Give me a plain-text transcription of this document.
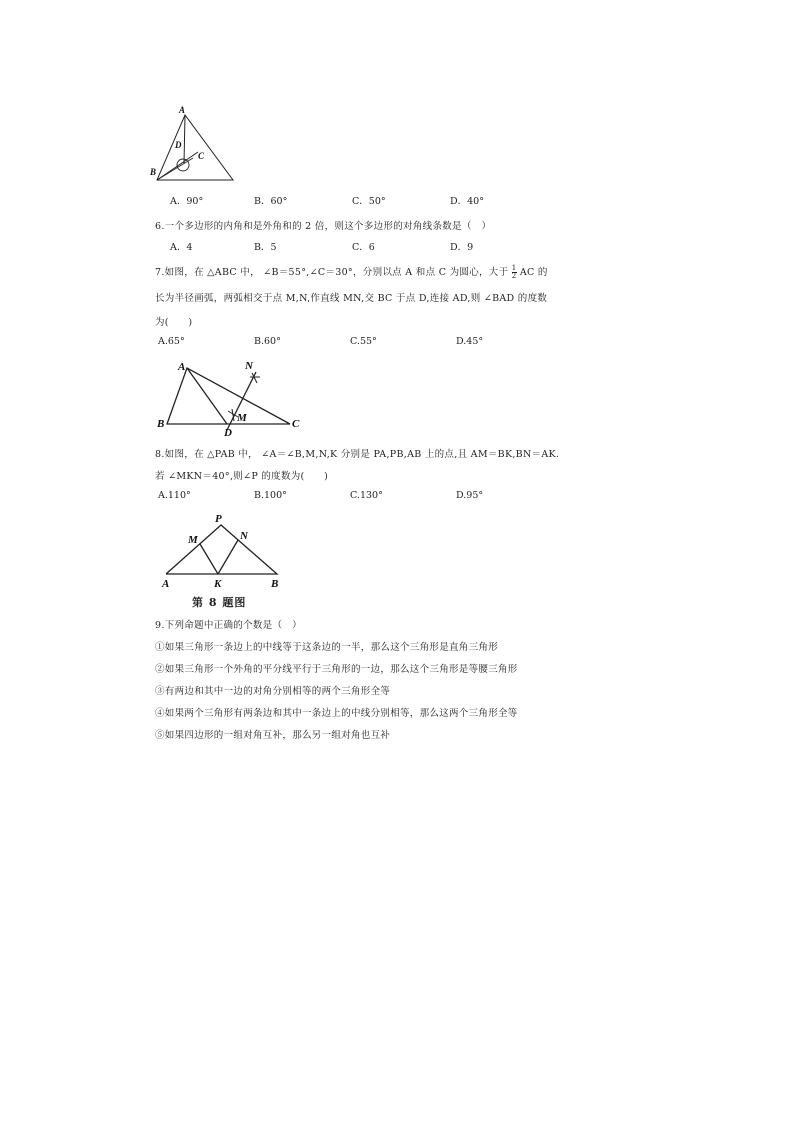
A
D
C
B
A．90°	B．60°	C．50°	D．40°
6.一个多边形的内角和是外角和的 2 倍，则这个多边形的对角线条数是（　）
A．4	B．5	C．6	D．9
7.如图，在 △ABC 中， ∠B＝55°,∠C＝30°，分别以点 A 和点 C 为圆心，大于 $\frac{1}{2}$ AC 的
长为半径画弧，两弧相交于点 M,N,作直线 MN,交 BC 于点 D,连接 AD,则 ∠BAD 的度数
为(　　)
A.65°	B.60°	C.55°	D.45°
A	N
M
B
D
C
8.如图，在 △PAB 中， ∠A＝∠B,M,N,K 分别是 PA,PB,AB 上的点,且 AM＝BK,BN＝AK.
若 ∠MKN＝40°,则∠P 的度数为(　　)
A.110°	B.100°	C.130°	D.95°
P
M	N
A	K	B
第 8 题图
9.下列命题中正确的个数是（　）
①如果三角形一条边上的中线等于这条边的一半，那么这个三角形是直角三角形
②如果三角形一个外角的平分线平行于三角形的一边，那么这个三角形是等腰三角形
③有两边和其中一边的对角分别相等的两个三角形全等
④如果两个三角形有两条边和其中一条边上的中线分别相等，那么这两个三角形全等
⑤如果四边形的一组对角互补，那么另一组对角也互补
